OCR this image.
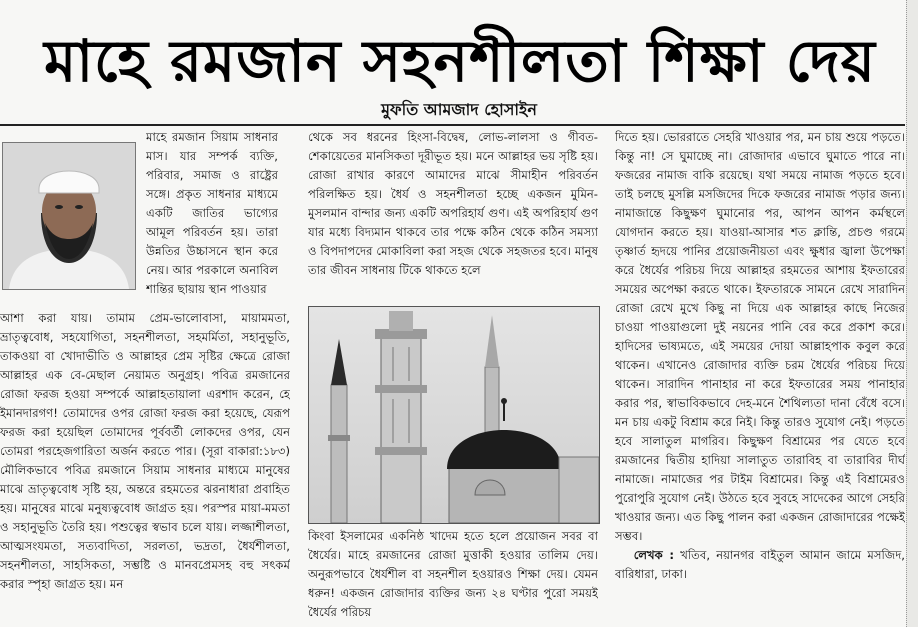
মাহে রমজান সহনশীলতা শিক্ষা দেয়
মুফতি আমজাদ হোসাইন

মাহে রমজান সিয়াম সাধনার মাস। যার সম্পর্ক ব্যক্তি, পরিবার, সমাজ ও রাষ্ট্রের সঙ্গে। প্রকৃত সাধনার মাধ্যমে একটি জাতির ভাগ্যের আমূল পরিবর্তন হয়। তারা উন্নতির উচ্চাসনে স্থান করে নেয়। আর পরকালে অনাবিল শান্তির ছায়ায় স্থান পাওয়ার

আশা করা যায়। তামাম প্রেম-ভালোবাসা, মায়ামমতা, ভ্রাতৃত্ববোধ, সহযোগিতা, সহনশীলতা, সহমর্মিতা, সহানুভূতি, তাকওয়া বা খোদাভীতি ও আল্লাহর প্রেম সৃষ্টির ক্ষেত্রে রোজা আল্লাহর এক বে-মেছাল নেয়ামত অনুগ্রহ। পবিত্র রমজানের রোজা ফরজ হওয়া সম্পর্কে আল্লাহতায়ালা এরশাদ করেন, হে ইমানদারগণ! তোমাদের ওপর রোজা ফরজ করা হয়েছে, যেরূপ ফরজ করা হয়েছিল তোমাদের পূর্ববর্তী লোকদের ওপর, যেন তোমরা পরহেজগারিতা অর্জন করতে পার। (সূরা বাকারা:১৮৩) মৌলিকভাবে পবিত্র রমজানে সিয়াম সাধনার মাধ্যমে মানুষের মাঝে ভ্রাতৃত্ববোধ সৃষ্টি হয়, অন্তরে রহমতের ঝরনাধারা প্রবাহিত হয়। মানুষের মাঝে মনুষ্যত্ববোধ জাগ্রত হয়। পরস্পর মায়া-মমতা ও সহানুভূতি তৈরি হয়। পশুত্বের স্বভাব চলে যায়। লজ্জাশীলতা, আত্মসংযমতা, সত্যবাদিতা, সরলতা, ভদ্রতা, ধৈর্যশীলতা, সহনশীলতা, সাহসিকতা, সম্ভষ্টি ও মানবপ্রেমসহ বহু সৎকর্ম করার স্পৃহা জাগ্রত হয়। মন

থেকে সব ধরনের হিংসা-বিদ্বেষ, লোভ-লালসা ও গীবত-শেকায়েতের মানসিকতা দূরীভূত হয়। মনে আল্লাহর ভয় সৃষ্টি হয়। রোজা রাখার কারণে আমাদের মাঝে সীমাহীন পরিবর্তন পরিলক্ষিত হয়। ধৈর্য ও সহনশীলতা হচ্ছে একজন মুমিন-মুসলমান বান্দার জন্য একটি অপরিহার্য গুণ। এই অপরিহার্য গুণ যার মধ্যে বিদ্যমান থাকবে তার পক্ষে কঠিন থেকে কঠিন সমস্যা ও বিপদাপদের মোকাবিলা করা সহজ থেকে সহজতর হবে। মানুষ তার জীবন সাধনায় টিকে থাকতে হলে

কিংবা ইসলামের একনিষ্ঠ খাদেম হতে হলে প্রয়োজন সবর বা ধৈর্যের। মাহে রমজানের রোজা মুত্তাকী হওয়ার তালিম দেয়। অনুরূপভাবে ধৈর্যশীল বা সহনশীল হওয়ারও শিক্ষা দেয়। যেমন ধরুন! একজন রোজাদার ব্যক্তির জন্য ২৪ ঘণ্টার পুরো সময়ই ধৈর্যের পরিচয়

দিতে হয়। ভোররাতে সেহরি খাওয়ার পর, মন চায় শুয়ে পড়তে। কিন্তু না! সে ঘুমাচ্ছে না। রোজাদার এভাবে ঘুমাতে পারে না। ফজরের নামাজ বাকি রয়েছে। যথা সময়ে নামাজ পড়তে হবে। তাই চলছে মুসল্লি মসজিদের দিকে ফজরের নামাজ পড়ার জন্য। নামাজান্তে কিছুক্ষণ ঘুমানোর পর, আপন আপন কর্মস্থলে যোগদান করতে হয়। যাওয়া-আসার শত ক্লান্তি, প্রচণ্ড গরমে তৃষ্ণার্ত হৃদয়ে পানির প্রয়োজনীয়তা এবং ক্ষুধার জ্বালা উপেক্ষা করে ধৈর্যের পরিচয় দিয়ে আল্লাহর রহমতের আশায় ইফতারের সময়ের অপেক্ষা করতে থাকে। ইফতারকে সামনে রেখে সারাদিন রোজা রেখে মুখে কিছু না দিয়ে এক আল্লাহর কাছে নিজের চাওয়া পাওয়াগুলো দুই নয়নের পানি বের করে প্রকাশ করে। হাদিসের ভাষ্যমতে, এই সময়ের দোয়া আল্লাহপাক কবুল করে থাকেন। এখানেও রোজাদার ব্যক্তি চরম ধৈর্যের পরিচয় দিয়ে থাকেন। সারাদিন পানাহার না করে ইফতারের সময় পানাহার করার পর, স্বাভাবিকভাবে দেহ-মনে শৈথিল্যতা দানা বেঁধে বসে। মন চায় একটু বিশ্রাম করে নিই। কিন্তু তারও সুযোগ নেই। পড়তে হবে সালাতুল মাগরিব। কিছুক্ষণ বিশ্রামের পর যেতে হবে রমজানের দ্বিতীয় হাদিয়া সালাতুত তারাবিহ বা তারাবির দীর্ঘ নামাজে। নামাজের পর টাইম বিশ্রামের। কিন্তু এই বিশ্রামেরও পুরোপুরি সুযোগ নেই। উঠতে হবে সুবহে সাদেকের আগে সেহরি খাওয়ার জন্য। এত কিছু পালন করা একজন রোজাদারের পক্ষেই সম্ভব।

লেখক : খতিব, নয়ানগর বাইতুল আমান জামে মসজিদ, বারিধারা, ঢাকা।
